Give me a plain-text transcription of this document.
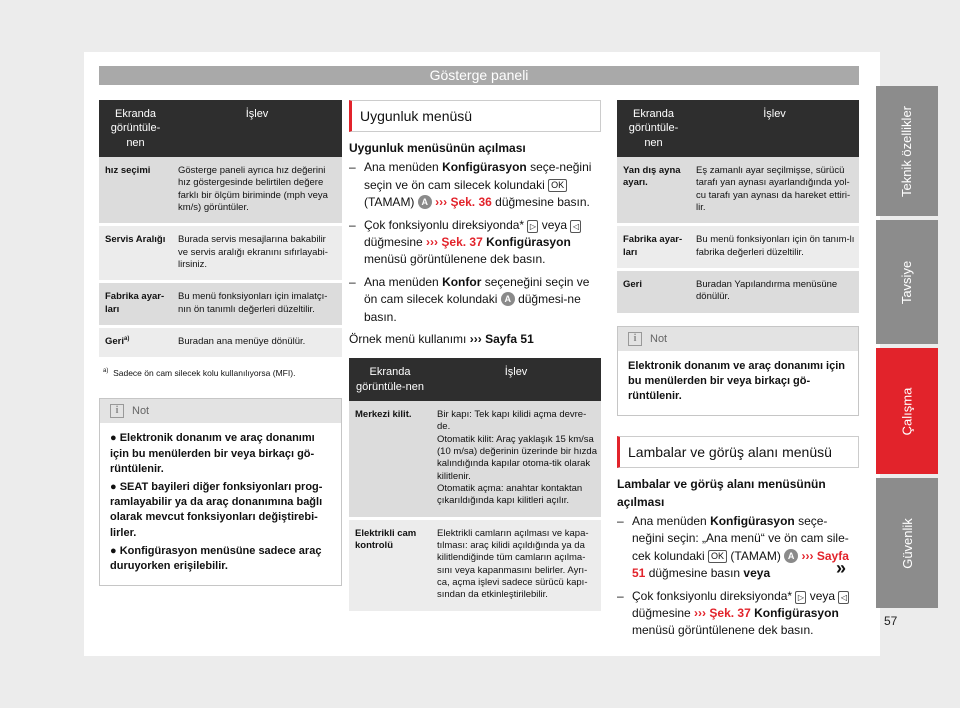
Gösterge paneli
Teknik özellikler
Tavsiye
Çalışma
Güvenlik
57
Ekranda görüntüle-nen	İşlev
hız seçimi	Gösterge paneli ayrıca hız değerini hız göstergesinde belirtilen değere farklı bir ölçüm biriminde (mph veya km/s) görüntüler.
Servis Aralığı	Burada servis mesajlarına bakabilir ve servis aralığı ekranını sıfırlayabi-lirsiniz.
Fabrika ayar-ları	Bu menü fonksiyonları için imalatçı-nın ön tanımlı değerleri düzeltilir.
Geri$^{a)}$	Buradan ana menüye dönülür.
$^{a)}$ Sadece ön cam silecek kolu kullanılıyorsa (MFI).
i	Not

● Elektronik donanım ve araç donanımı için bu menülerden bir veya birkaçı gö-rüntülenir.

● SEAT bayileri diğer fonksiyonları prog-ramlayabilir ya da araç donanımına bağlı olarak mevcut fonksiyonları değiştirebi-lirler.

● Konfigürasyon menüsüne sadece araç duruyorken erişilebilir.

Uygunluk menüsü
Uygunluk menüsünün açılması
– Ana menüden Konfigürasyon seçe-neğini seçin ve ön cam silecek kolundaki OK (TAMAM) A ››› Şek. 36 düğmesine basın.
– Çok fonksiyonlu direksiyonda* ▷ veya ◁ düğmesine ››› Şek. 37 Konfigürasyon menüsü görüntülenene dek basın.
– Ana menüden Konfor seçeneğini seçin ve ön cam silecek kolundaki A düğmesi-ne basın.
Örnek menü kullanımı ››› Sayfa 51
Ekranda görüntüle-nen	İşlev
Merkezi kilit.	Bir kapı: Tek kapı kilidi açma devre-de.
Otomatik kilit: Araç yaklaşık 15 km/sa (10 m/sa) değerinin üzerinde bir hızda kalındığında kapılar otoma-tik olarak kilitlenir.
Otomatik açma: anahtar kontaktan çıkarıldığında kapı kilitleri açılır.
Elektrikli cam kontrolü	Elektrikli camların açılması ve kapa-tılması: araç kilidi açıldığında ya da kilitlendiğinde tüm camların açılma-sını veya kapanmasını belirler. Ayrı-ca, açma işlevi sadece sürücü kapı-sından da etkinleştirilebilir.
Ekranda görüntüle-nen	İşlev
Yan dış ayna ayarı.	Eş zamanlı ayar seçilmişse, sürücü tarafı yan aynası ayarlandığında yol-cu tarafı yan aynası da hareket ettiri-lir.
Fabrika ayar-ları	Bu menü fonksiyonları için ön tanım-lı fabrika değerleri düzeltilir.
Geri	Buradan Yapılandırma menüsüne dönülür.
i	Not

Elektronik donanım ve araç donanımı için bu menülerden bir veya birkaçı gö-rüntülenir.

Lambalar ve görüş alanı menüsü
Lambalar ve görüş alanı menüsünün açılması
– Ana menüden Konfigürasyon seçe-neğini seçin: „Ana menü“ ve ön cam sile-cek kolundaki OK (TAMAM) A ››› Sayfa 51 düğmesine basın veya
– Çok fonksiyonlu direksiyonda* ▷ veya ◁ düğmesine ››› Şek. 37 Konfigürasyon menüsü görüntülenene dek basın.
»
